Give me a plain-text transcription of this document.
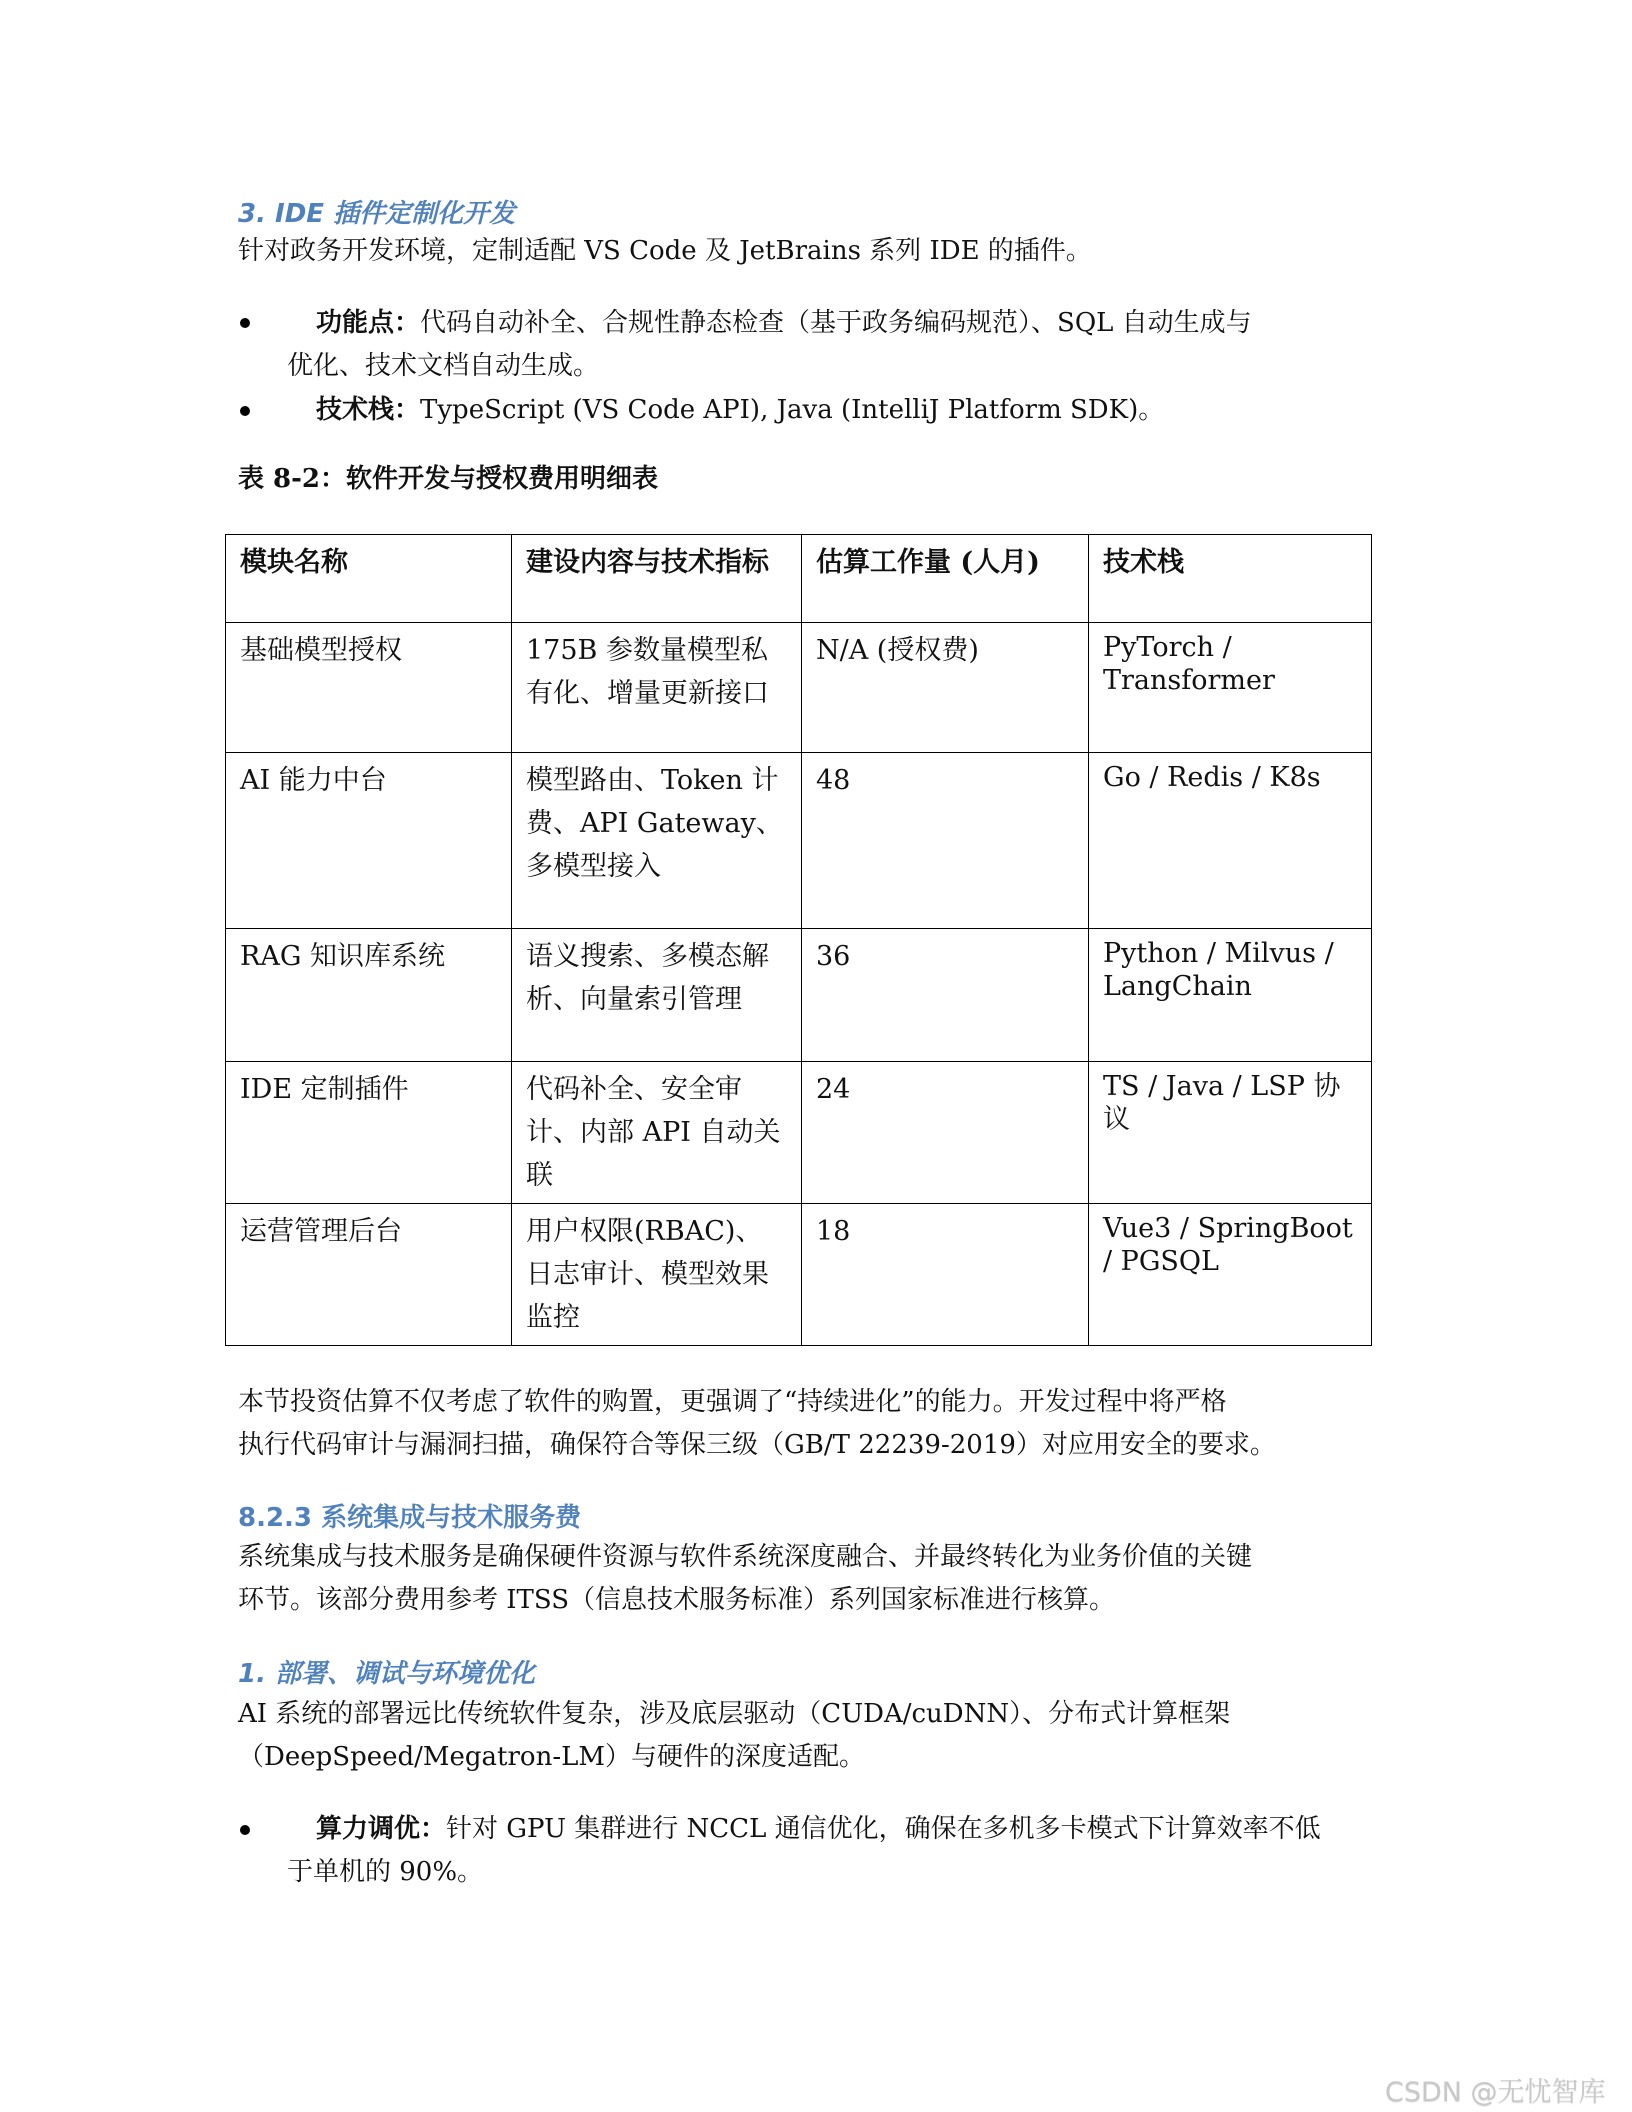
3. IDE 插件定制化开发
针对政务开发环境，定制适配 VS Code 及 JetBrains 系列 IDE 的插件。
功能点：代码自动补全、合规性静态检查（基于政务编码规范）、SQL 自动生成与
优化、技术文档自动生成。
技术栈：TypeScript (VS Code API), Java (IntelliJ Platform SDK)。
表 8-2：软件开发与授权费用明细表
模块名称	建设内容与技术指标	估算工作量 (人月)	技术栈
基础模型授权	175B 参数量模型私有化、增量更新接口	N/A (授权费)	PyTorch / Transformer
AI 能力中台	模型路由、Token 计费、API Gateway、多模型接入	48	Go / Redis / K8s
RAG 知识库系统	语义搜索、多模态解析、向量索引管理	36	Python / Milvus / LangChain
IDE 定制插件	代码补全、安全审计、内部 API 自动关联	24	TS / Java / LSP 协议
运营管理后台	用户权限(RBAC)、日志审计、模型效果监控	18	Vue3 / SpringBoot / PGSQL
本节投资估算不仅考虑了软件的购置，更强调了“持续进化”的能力。开发过程中将严格
执行代码审计与漏洞扫描，确保符合等保三级（GB/T 22239-2019）对应用安全的要求。
8.2.3 系统集成与技术服务费
系统集成与技术服务是确保硬件资源与软件系统深度融合、并最终转化为业务价值的关键
环节。该部分费用参考 ITSS（信息技术服务标准）系列国家标准进行核算。
1. 部署、调试与环境优化
AI 系统的部署远比传统软件复杂，涉及底层驱动（CUDA/cuDNN）、分布式计算框架
（DeepSpeed/Megatron-LM）与硬件的深度适配。
算力调优：针对 GPU 集群进行 NCCL 通信优化，确保在多机多卡模式下计算效率不低
于单机的 90%。
CSDN @无忧智库
